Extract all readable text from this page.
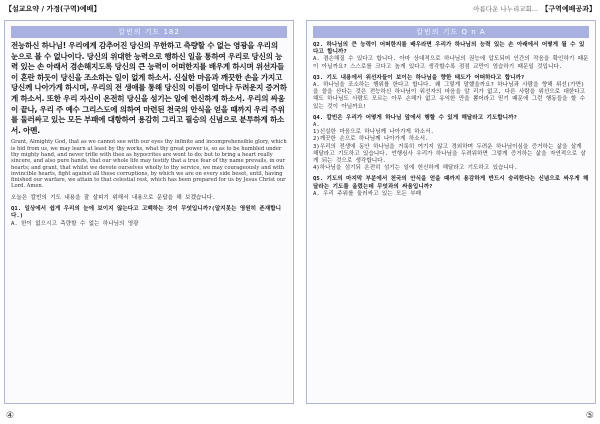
【설교요약 / 가정(구역)예배】
칼빈의 기도 182
전능하신 하나님! 우리에게 감추어진 당신의 무한하고 측량할 수 없는 영광을 우리의 눈으로 볼 수 없나이다. 당신의 위대한 능력으로 행하신 일을 통하여 우리로 당신의 능력 있는 손 아래서 겸손해지도록 당신의 큰 능력이 어떠한지를 배우게 하시며 위선자들이 혼란 하듯이 당신을 조소하는 일이 없게 하소서. 신실한 마음과 깨끗한 손을 가지고 당신께 나아가게 하시며, 우리의 전 생애를 통해 당신의 이름이 얼마나 두려운지 증거하게 하소서. 또한 우리 자신이 온전히 당신을 섬기는 일에 헌신하게 하소서. 우리의 싸움이 끝나, 우리 주 예수 그리스도에 의하여 마련된 천국의 안식을 얻을 때까지 우리 주위를 둘러싸고 있는 모든 부패에 대항하여 용감히 그리고 필승의 신념으로 분투하게 하소서. 아멘.
Grant, Almighty God, that as we cannot see with our eyes thy infinite and incomprehensible glory, which is hid from us, we may learn at least by thy works, what thy great power is, so as to be humbled under thy mighty hand, and never trifle with thee as hypocrites are wont to do; but to bring a heart really sincere, and also pure hands, that our whole life may testify that a true fear of thy name prevails, in our hearts; and grant, that whilst we devote ourselves wholly to thy service, we may courageously and with invincible hearts, fight against all these corruptions, by which we are on every side beset, until, having finished our warfare, we attain to that celestial rest, which has been prepared for us by Jesus Christ our Lord. Amen.
오늘은 칼빈의 기도 내용을 잘 살피기 위해서 내용으로 문답을 해 보겠습니다.
Q1. 일상에서 쉽게 우리의 눈에 보이지 않는다고 고백하는 것이 무엇입니까?(알지못는 영원히 존재합니다.)
A. 한이 없으시고 측량할 수 없는 하나님의 영광
④
아름다운 나누리교회... 【구역예배공과】
칼빈의 기도 Q n A
Q2. 하나님의 큰 능력이 어떠한지를 배우라면 우리가 하나님의 능력 있는 손 아래에서 어떻게 될 수 있다고 합니까?
A. 겸손해질 수 있다고 합니다. 아마 상대적으로 하나님의 권능에 압도되어 인간의 작음을 확인하기 때문이 아닐까요? 스스로를 크다고 높게 있다고 생각할수록 점점 교만이 엄습하기 때문일 것입니다.
Q3. 기도 내용에서 위선자들이 보이는 하나님을 향한 태도가 어떠하다고 합니까?
A. 하나님을 조소하는 행위를 한다고 합니다. 왜 그렇게 말했을까요? 하나님과 사람을 향해 위선(가면)을 쓸을 산다는 것은 전능하신 하나님이 위선자의 마음을 알 리가 없고, 다른 사람을 위선으로 대한다고 해도 하나님도 사람도 모르는 아무 손해가 없고 유익한 만을 뽐어라고 믿기 때문에 그런 행동들을 할 수 있는 것이 아닐까요!
Q4. 칼빈은 우리가 어떻게 하나님 앞에서 행할 수 있게 해달라고 기도합니까?
A.
1)신실한 마음으로 하나님께 나아가게 하소서.
2)깨끗한 손으로 하나님께 나아가게 하소서.
3)우리의 전생애 동안 하나님을 거룩히 여기지 않고 경외하며 두려운 하나님이심을 증거하는 삶을 살게 해달라고 기도하고 있습니다. 언행심사 우리가 하나님을 두려워하면 그렇게 증거하는 삶을 자연적으로 살게 되는 것으로 생각합니다.
4)하나님을 섬기되 온전히 섬기는 일에 헌신하게 해달라고 기도하고 있습니다.
Q5. 기도의 마지막 부분에서 천국의 안식을 얻을 때까지 용감하게 반드시 승리한다는 신념으로 싸우게 해달라는 기도를 올렸는데 무엇과의 싸움입니까?
A. 우리 주위를 둘러싸고 있는 모든 부패
⑤
